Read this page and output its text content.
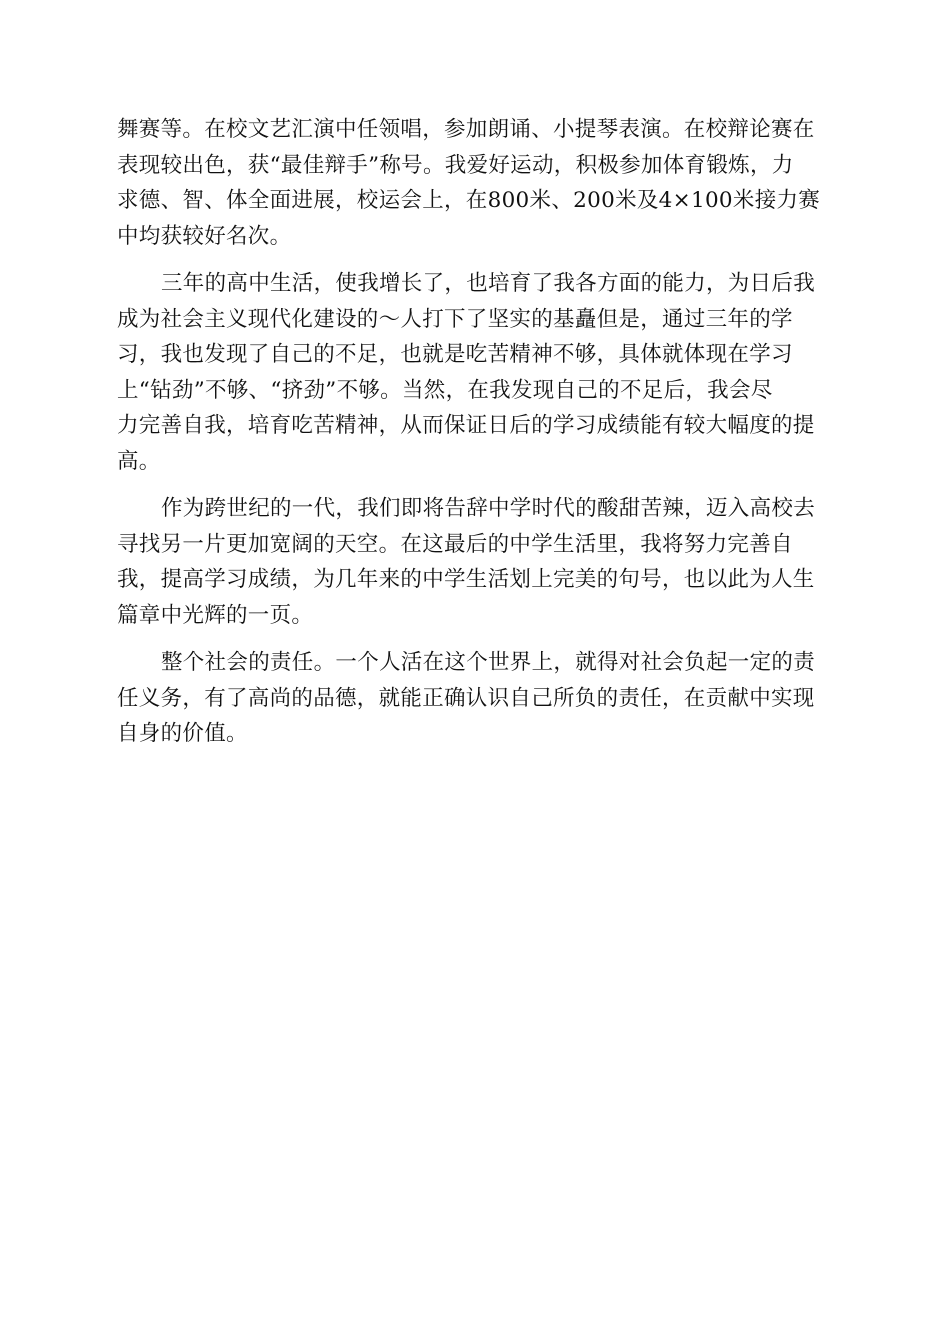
舞赛等。在校文艺汇演中任领唱，参加朗诵、小提琴表演。在校辩论赛在
表现较出色，获“最佳辩手”称号。我爱好运动，积极参加体育锻炼，力
求德、智、体全面进展，校运会上，在800米、200米及4×100米接力赛
中均获较好名次。

三年的高中生活，使我增长了，也培育了我各方面的能力，为日后我
成为社会主义现代化建设的～人打下了坚实的基矗但是，通过三年的学
习，我也发现了自己的不足，也就是吃苦精神不够，具体就体现在学习
上“钻劲”不够、“挤劲”不够。当然，在我发现自己的不足后，我会尽
力完善自我，培育吃苦精神，从而保证日后的学习成绩能有较大幅度的提
高。

作为跨世纪的一代，我们即将告辞中学时代的酸甜苦辣，迈入高校去
寻找另一片更加宽阔的天空。在这最后的中学生活里，我将努力完善自
我，提高学习成绩，为几年来的中学生活划上完美的句号，也以此为人生
篇章中光辉的一页。

整个社会的责任。一个人活在这个世界上，就得对社会负起一定的责
任义务，有了高尚的品德，就能正确认识自己所负的责任，在贡献中实现
自身的价值。
